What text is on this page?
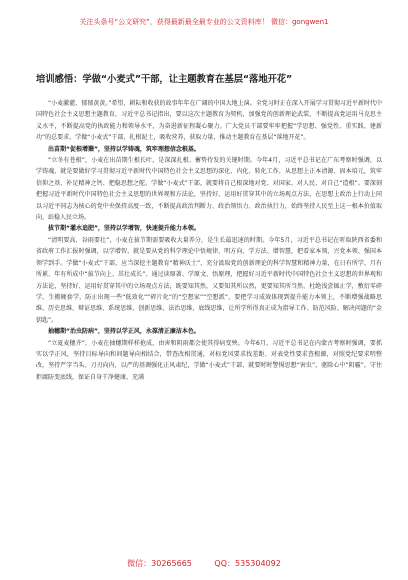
关注头条号“公文研究”，获得最新最全最专业的公文资料库！ 微信：gongwen1
培训感悟：学做“小麦式”干部，让主题教育在基层“落地开花”

“小麦激灌，郁郁黄黄。”希望、耕耘和收获的故事年年在广阔的中国大地上演。全党习时正在深入开展学习贯彻习近平新时代中国特色社会主义思想主题教育，习近平总书记指出，要以这次主题教育为契机，加强党的创新理论武装，不断提高党运用马克思主义水平，不断提高党的执政能力和领导水平，为奋进新征程凝心聚力。广大党员干部要牢牢把握“学思想、强党性、重实践、建新功”的总要求，学做“小麦式”干部，扎根泥土，吸收营养，获取力量，推动主题教育在基层“落地开花”。

出苗期“促根增蘖”，坚持以学铸魂，筑牢理想信念根基。

“立冬有苍根”，小麦在出苗期生根长叶，是深深扎根、蓄势待发的关键时期。今年4月，习近平总书记在广东考察时强调，以学铸魂，就是要做好学习贯彻习近平新时代中国特色社会主义思想的深化、内化、转化工作，从思想上正本清源、固本培元，筑牢信仰之基、补足精神之钙、把稳思想之舵。学做“小麦式”干部，就要将自己根深地对党、对国家、对人民、对自己“造根”。要深刻把握习近平新时代中国特色社会主义思想的世界观和方法论，坚持好、运用好贯穿其中的立场观点方法，在思想上政治上行动上同以习近平同志为核心的党中央保持高度一致，不断提高政治判断力、政治领悟力、政治执行力，始终坚持人民至上这一根本价值取向，站稳人民立场。

拔节期“灌水追肥”，坚持以学增智，快速提升能力本领。

“清明要高，谷雨要壮”，小麦在拔节期需要吸收大量养分，是生长最迅速的时期。今年5月，习近平总书记在听取陕西省委和省政府工作汇报时强调，以学增智，就是要从党的科学理论中悟规律，明方向、学方法、增智慧，把看家本领、兴党本领、强国本领学到手。学做“小麦式”干部，应当深挖主题教育“精神沃土”，充分汲取党的创新理论的科学智慧和精神力量，在日有所学、月有所累、年有所成中“拔节向上、茁壮成长”。通过读原著、学原文、悟原理，把握好习近平新时代中国特色社会主义思想的世界观和方法论，坚持好、运用好贯穿其中的立场观点方法，既要知其然，又要知其所以然，更要知其所当然，杜绝浅尝辄止学，敷衍零碎学，生搬硬套学，防止出现一些“低效化”“碎片化”的“空想家”“空想派”，要把学习成效体现到提升能力本领上，不断增强战略思维、历史思维、辩证思维、系统思维、创新思维、法治思维、底线思维，让所学所得真正成为指导工作、防范风险、解决问题的“金钥匙”。

抽穗期“治虫防病”，坚持以学正风，永葆清正廉洁本色。

“立夏麦穗齐”，小麦在抽穗期样样抢成，由害和阴雨都会使其得病变殃。今年6月，习近平总书记在内蒙古考察时强调，要抓实以学正风，坚持目标导向和问题导向相结合，带查改相贯通，对标党风要求找差距、对表党性要求查根源，对照党纪要求明整改，坚持严字当头、刀刃向内，以严的基调强化正风肃纪，学做“小麦式”干部，就要时时警惕思想“害虫”，驱除心中“阴霾”，守住拒腐防变底线，保证自身干净健康、充满

微信：30265665	QQ：535304092
